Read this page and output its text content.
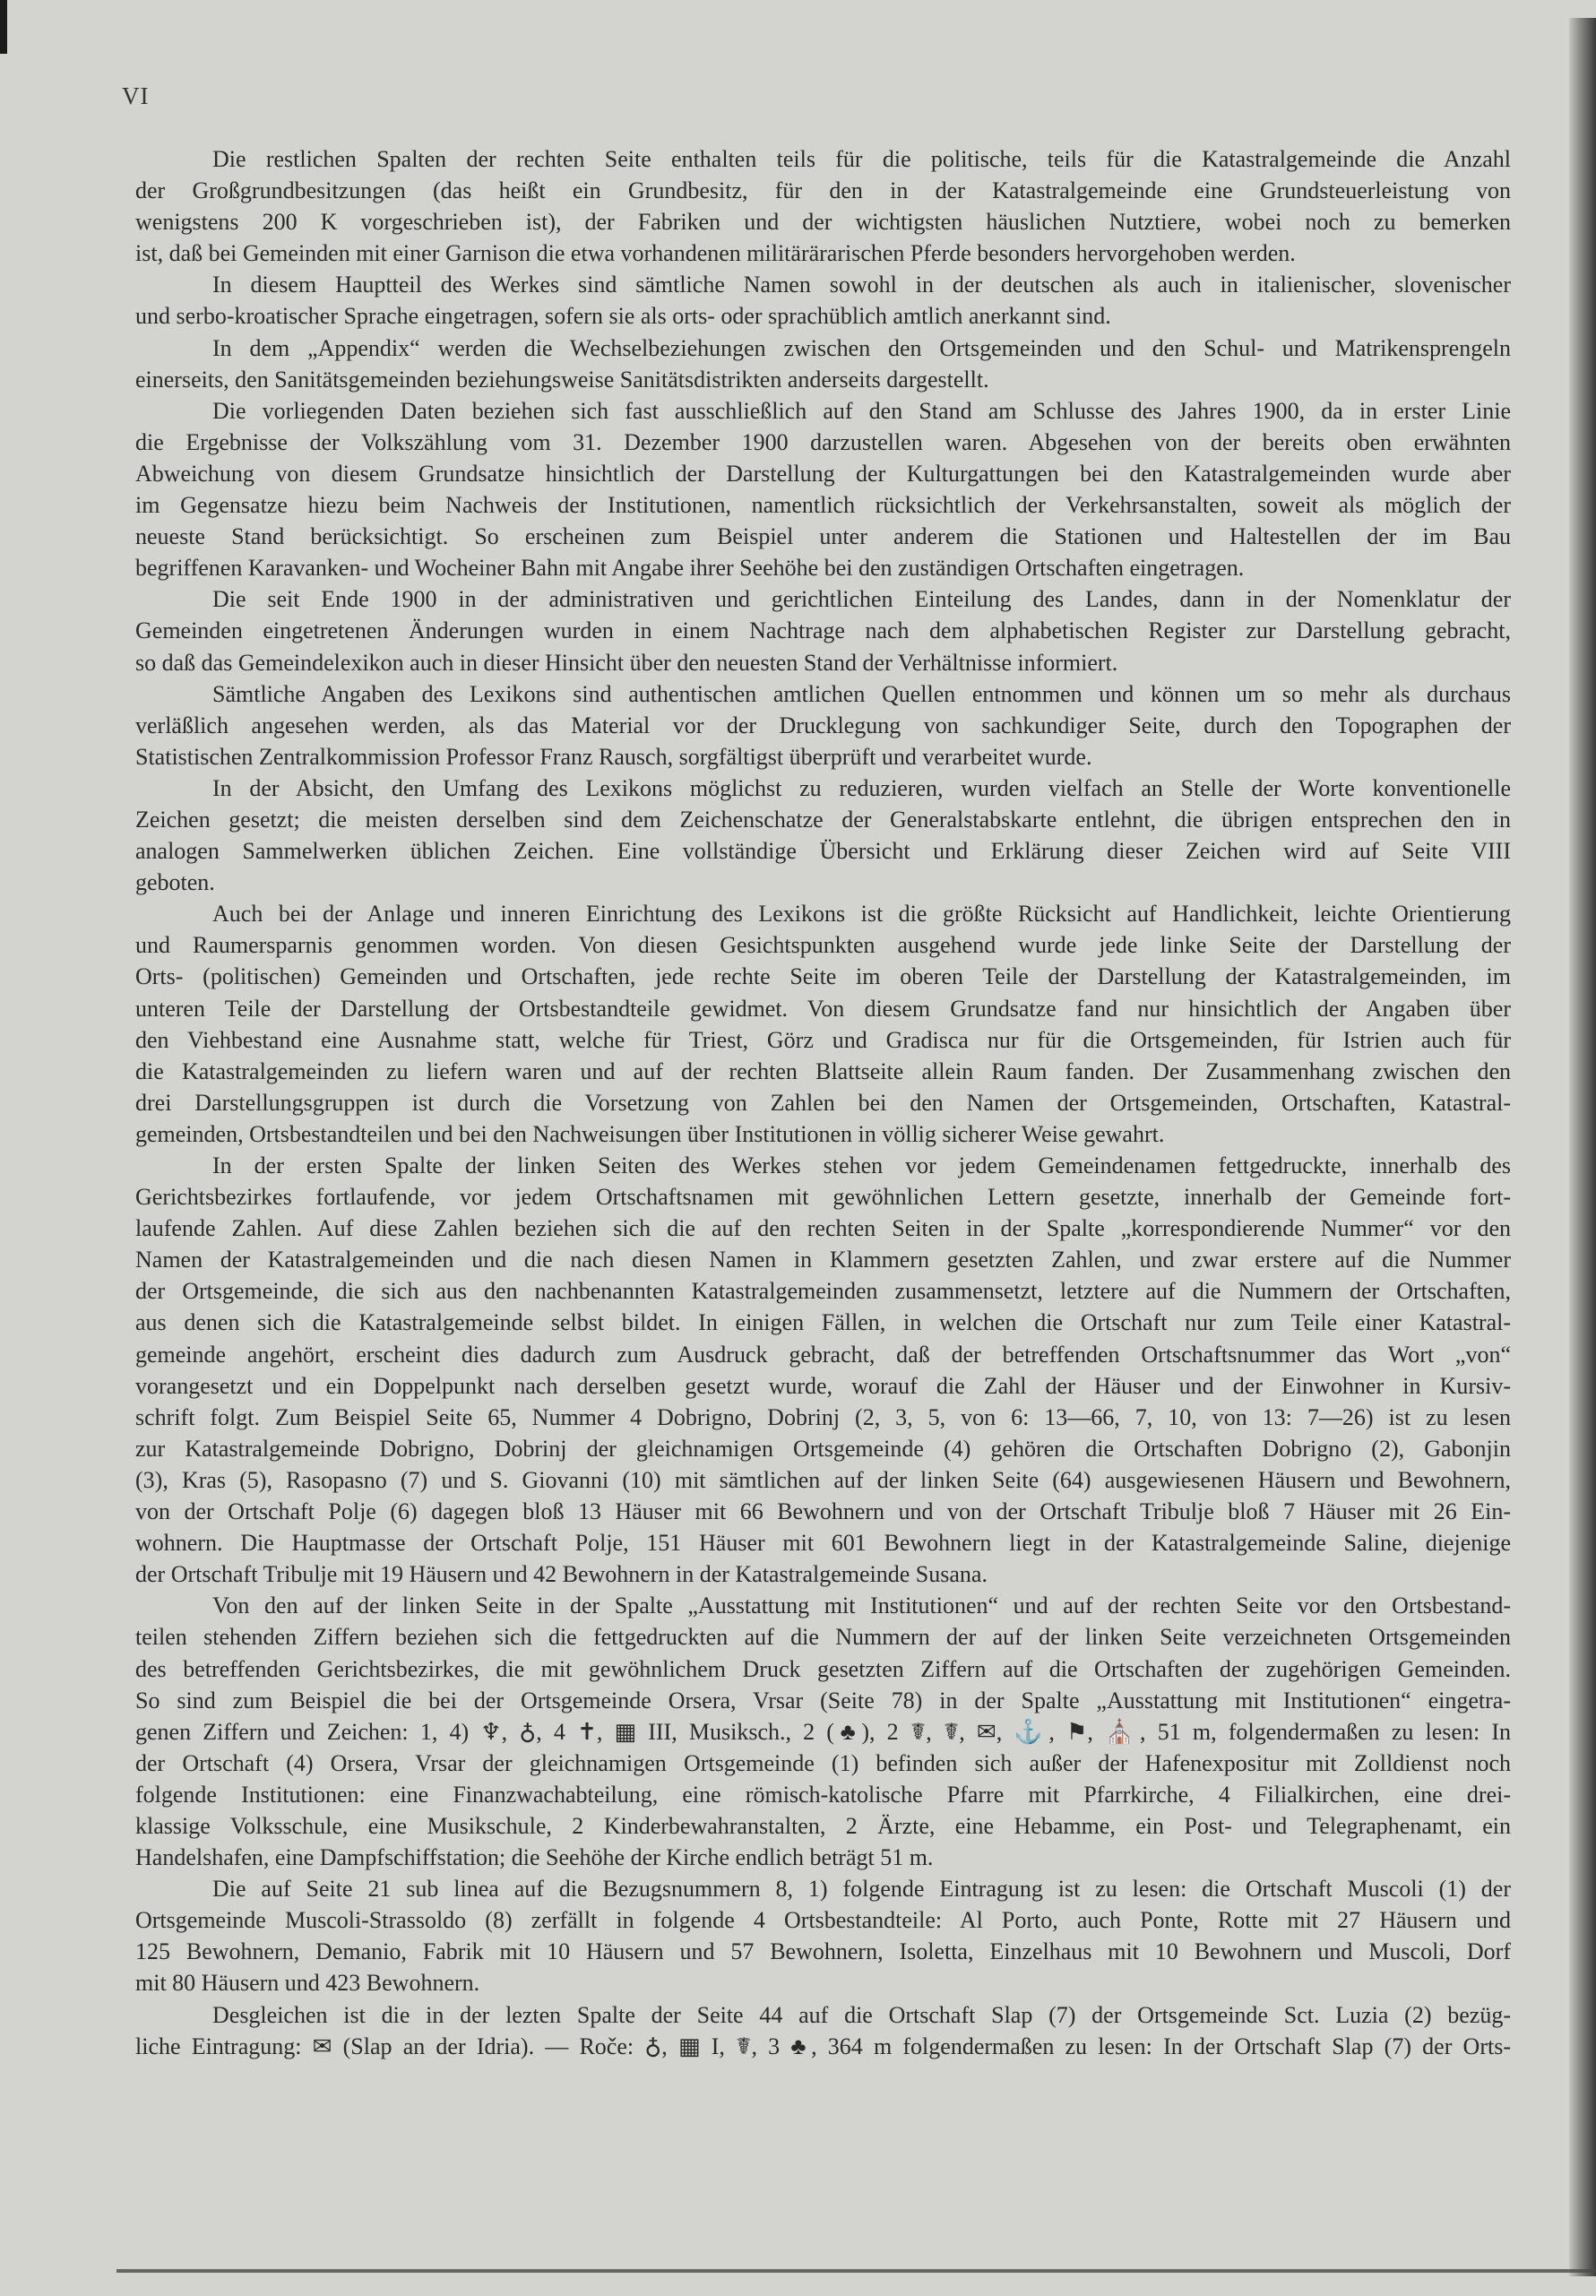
VI
Die restlichen Spalten der rechten Seite enthalten teils für die politische, teils für die Katastralgemeinde die Anzahl
der Großgrundbesitzungen (das heißt ein Grundbesitz, für den in der Katastralgemeinde eine Grundsteuerleistung von
wenigstens 200 K vorgeschrieben ist), der Fabriken und der wichtigsten häuslichen Nutztiere, wobei noch zu bemerken
ist, daß bei Gemeinden mit einer Garnison die etwa vorhandenen militärärarischen Pferde besonders hervorgehoben werden.
In diesem Hauptteil des Werkes sind sämtliche Namen sowohl in der deutschen als auch in italienischer, slovenischer
und serbo-kroatischer Sprache eingetragen, sofern sie als orts- oder sprachüblich amtlich anerkannt sind.
In dem „Appendix“ werden die Wechselbeziehungen zwischen den Ortsgemeinden und den Schul- und Matrikensprengeln
einerseits, den Sanitätsgemeinden beziehungsweise Sanitätsdistrikten anderseits dargestellt.
Die vorliegenden Daten beziehen sich fast ausschließlich auf den Stand am Schlusse des Jahres 1900, da in erster Linie
die Ergebnisse der Volkszählung vom 31. Dezember 1900 darzustellen waren. Abgesehen von der bereits oben erwähnten
Abweichung von diesem Grundsatze hinsichtlich der Darstellung der Kulturgattungen bei den Katastralgemeinden wurde aber
im Gegensatze hiezu beim Nachweis der Institutionen, namentlich rücksichtlich der Verkehrsanstalten, soweit als möglich der
neueste Stand berücksichtigt. So erscheinen zum Beispiel unter anderem die Stationen und Haltestellen der im Bau
begriffenen Karavanken- und Wocheiner Bahn mit Angabe ihrer Seehöhe bei den zuständigen Ortschaften eingetragen.
Die seit Ende 1900 in der administrativen und gerichtlichen Einteilung des Landes, dann in der Nomenklatur der
Gemeinden eingetretenen Änderungen wurden in einem Nachtrage nach dem alphabetischen Register zur Darstellung gebracht,
so daß das Gemeindelexikon auch in dieser Hinsicht über den neuesten Stand der Verhältnisse informiert.
Sämtliche Angaben des Lexikons sind authentischen amtlichen Quellen entnommen und können um so mehr als durchaus
verläßlich angesehen werden, als das Material vor der Drucklegung von sachkundiger Seite, durch den Topographen der
Statistischen Zentralkommission Professor Franz Rausch, sorgfältigst überprüft und verarbeitet wurde.
In der Absicht, den Umfang des Lexikons möglichst zu reduzieren, wurden vielfach an Stelle der Worte konventionelle
Zeichen gesetzt; die meisten derselben sind dem Zeichenschatze der Generalstabskarte entlehnt, die übrigen entsprechen den in
analogen Sammelwerken üblichen Zeichen. Eine vollständige Übersicht und Erklärung dieser Zeichen wird auf Seite VIII
geboten.
Auch bei der Anlage und inneren Einrichtung des Lexikons ist die größte Rücksicht auf Handlichkeit, leichte Orientierung
und Raumersparnis genommen worden. Von diesen Gesichtspunkten ausgehend wurde jede linke Seite der Darstellung der
Orts- (politischen) Gemeinden und Ortschaften, jede rechte Seite im oberen Teile der Darstellung der Katastralgemeinden, im
unteren Teile der Darstellung der Ortsbestandteile gewidmet. Von diesem Grundsatze fand nur hinsichtlich der Angaben über
den Viehbestand eine Ausnahme statt, welche für Triest, Görz und Gradisca nur für die Ortsgemeinden, für Istrien auch für
die Katastralgemeinden zu liefern waren und auf der rechten Blattseite allein Raum fanden. Der Zusammenhang zwischen den
drei Darstellungsgruppen ist durch die Vorsetzung von Zahlen bei den Namen der Ortsgemeinden, Ortschaften, Katastral-
gemeinden, Ortsbestandteilen und bei den Nachweisungen über Institutionen in völlig sicherer Weise gewahrt.
In der ersten Spalte der linken Seiten des Werkes stehen vor jedem Gemeindenamen fettgedruckte, innerhalb des
Gerichtsbezirkes fortlaufende, vor jedem Ortschaftsnamen mit gewöhnlichen Lettern gesetzte, innerhalb der Gemeinde fort-
laufende Zahlen. Auf diese Zahlen beziehen sich die auf den rechten Seiten in der Spalte „korrespondierende Nummer“ vor den
Namen der Katastralgemeinden und die nach diesen Namen in Klammern gesetzten Zahlen, und zwar erstere auf die Nummer
der Ortsgemeinde, die sich aus den nachbenannten Katastralgemeinden zusammensetzt, letztere auf die Nummern der Ortschaften,
aus denen sich die Katastralgemeinde selbst bildet. In einigen Fällen, in welchen die Ortschaft nur zum Teile einer Katastral-
gemeinde angehört, erscheint dies dadurch zum Ausdruck gebracht, daß der betreffenden Ortschaftsnummer das Wort „von“
vorangesetzt und ein Doppelpunkt nach derselben gesetzt wurde, worauf die Zahl der Häuser und der Einwohner in Kursiv-
schrift folgt. Zum Beispiel Seite 65, Nummer 4 Dobrigno, Dobrinj (2, 3, 5, von 6: 13—66, 7, 10, von 13: 7—26) ist zu lesen
zur Katastralgemeinde Dobrigno, Dobrinj der gleichnamigen Ortsgemeinde (4) gehören die Ortschaften Dobrigno (2), Gabonjin
(3), Kras (5), Rasopasno (7) und S. Giovanni (10) mit sämtlichen auf der linken Seite (64) ausgewiesenen Häusern und Bewohnern,
von der Ortschaft Polje (6) dagegen bloß 13 Häuser mit 66 Bewohnern und von der Ortschaft Tribulje bloß 7 Häuser mit 26 Ein-
wohnern. Die Hauptmasse der Ortschaft Polje, 151 Häuser mit 601 Bewohnern liegt in der Katastralgemeinde Saline, diejenige
der Ortschaft Tribulje mit 19 Häusern und 42 Bewohnern in der Katastralgemeinde Susana.
Von den auf der linken Seite in der Spalte „Ausstattung mit Institutionen“ und auf der rechten Seite vor den Ortsbestand-
teilen stehenden Ziffern beziehen sich die fettgedruckten auf die Nummern der auf der linken Seite verzeichneten Ortsgemeinden
des betreffenden Gerichtsbezirkes, die mit gewöhnlichem Druck gesetzten Ziffern auf die Ortschaften der zugehörigen Gemeinden.
So sind zum Beispiel die bei der Ortsgemeinde Orsera, Vrsar (Seite 78) in der Spalte „Ausstattung mit Institutionen“ eingetra-
genen Ziffern und Zeichen: 1, 4) ♆, ♁, 4 ✝, ▦ III, Musiksch., 2 (♣), 2 ☤, ☤, ✉, ⚓, ⚑, ⛪, 51 m, folgendermaßen zu lesen: In
der Ortschaft (4) Orsera, Vrsar der gleichnamigen Ortsgemeinde (1) befinden sich außer der Hafenexpositur mit Zolldienst noch
folgende Institutionen: eine Finanzwachabteilung, eine römisch-katolische Pfarre mit Pfarrkirche, 4 Filialkirchen, eine drei-
klassige Volksschule, eine Musikschule, 2 Kinderbewahranstalten, 2 Ärzte, eine Hebamme, ein Post- und Telegraphenamt, ein
Handelshafen, eine Dampfschiffstation; die Seehöhe der Kirche endlich beträgt 51 m.
Die auf Seite 21 sub linea auf die Bezugsnummern 8, 1) folgende Eintragung ist zu lesen: die Ortschaft Muscoli (1) der
Ortsgemeinde Muscoli-Strassoldo (8) zerfällt in folgende 4 Ortsbestandteile: Al Porto, auch Ponte, Rotte mit 27 Häusern und
125 Bewohnern, Demanio, Fabrik mit 10 Häusern und 57 Bewohnern, Isoletta, Einzelhaus mit 10 Bewohnern und Muscoli, Dorf
mit 80 Häusern und 423 Bewohnern.
Desgleichen ist die in der lezten Spalte der Seite 44 auf die Ortschaft Slap (7) der Ortsgemeinde Sct. Luzia (2) bezüg-
liche Eintragung: ✉ (Slap an der Idria). — Roče: ♁, ▦ I, ☤, 3 ♣, 364 m folgendermaßen zu lesen: In der Ortschaft Slap (7) der Orts-
